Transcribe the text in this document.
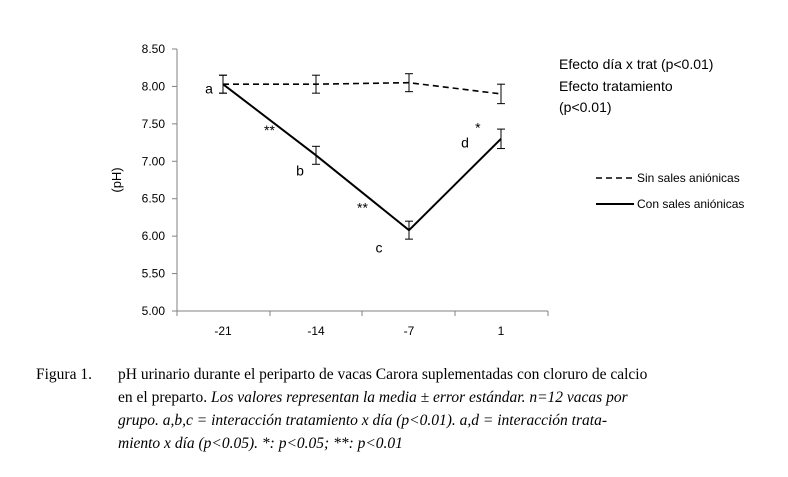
5.00
5.50
6.00
6.50
7.00
7.50
8.00
8.50
-21	-14	-7	1
a
b
c
d
**
**
*
(pH)
Efecto día x trat (p<0.01)
Efecto tratamiento
(p<0.01)
Sin sales aniónicas
Con sales aniónicas
Figura 1. pH urinario durante el periparto de vacas Carora suplementadas con cloruro de calcio
en el preparto. Los valores representan la media ± error estándar. n=12 vacas por
grupo. a,b,c = interacción tratamiento x día (p<0.01). a,d = interacción trata-
miento x día (p<0.05). *: p<0.05; **: p<0.01
